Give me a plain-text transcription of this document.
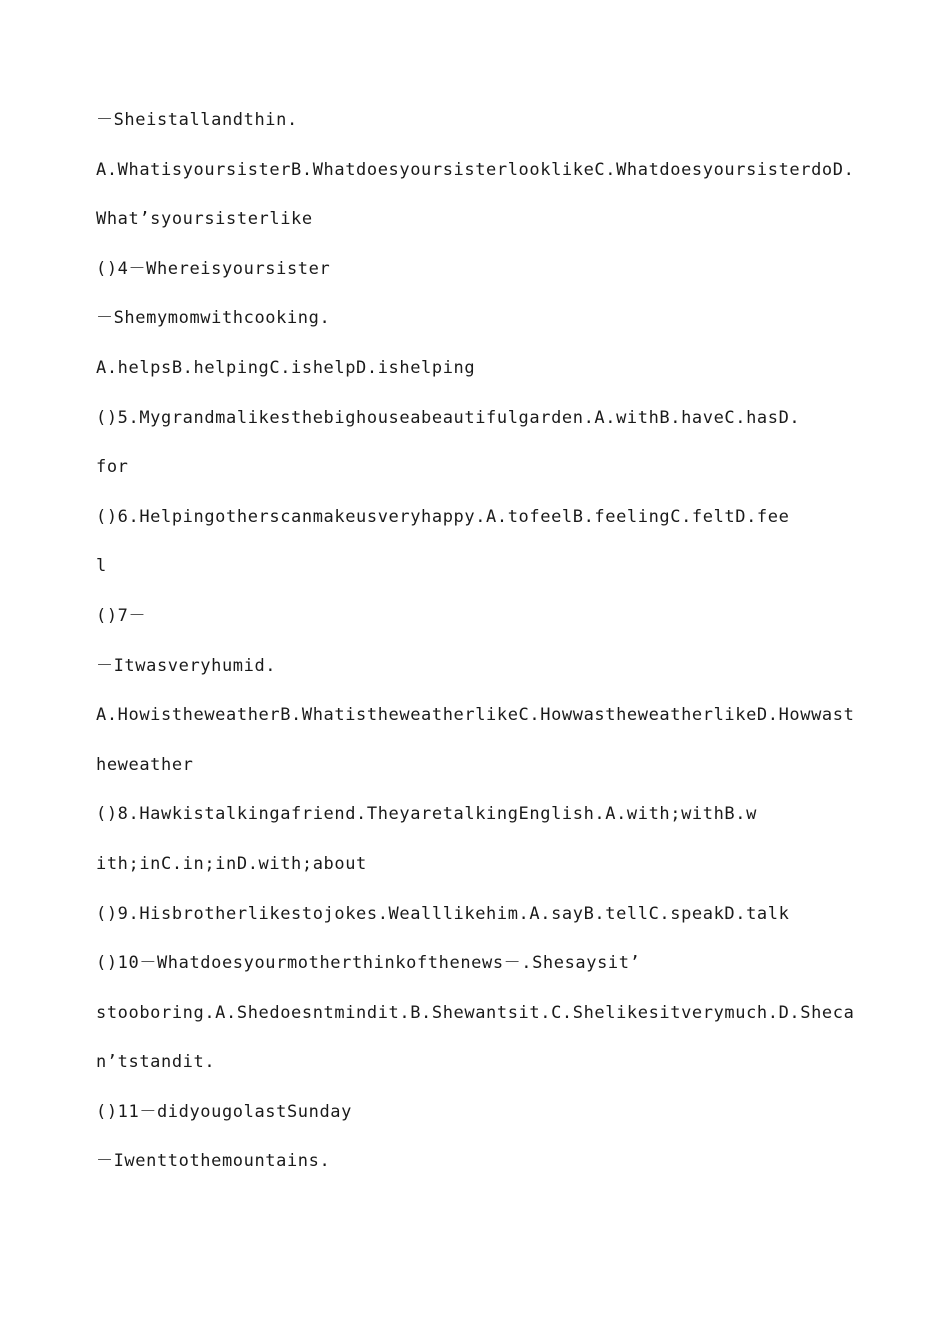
－Sheistallandthin.
A.WhatisyoursisterB.WhatdoesyoursisterlooklikeC.WhatdoesyoursisterdoD.
What’syoursisterlike
()4－Whereisyoursister
－Shemymomwithcooking.
A.helpsB.helpingC.ishelpD.ishelping
()5.Mygrandmalikesthebighouseabeautifulgarden.A.withB.haveC.hasD.
for
()6.Helpingotherscanmakeusveryhappy.A.tofeelB.feelingC.feltD.fee
l
()7－
－Itwasveryhumid.
A.HowistheweatherB.WhatistheweatherlikeC.HowwastheweatherlikeD.Howwast
heweather
()8.Hawkistalkingafriend.TheyaretalkingEnglish.A.with;withB.w
ith;inC.in;inD.with;about
()9.Hisbrotherlikestojokes.Wealllikehim.A.sayB.tellC.speakD.talk
()10－Whatdoesyourmotherthinkofthenews－.Shesaysit’
stooboring.A.Shedoesntmindit.B.Shewantsit.C.Shelikesitverymuch.D.Sheca
n’tstandit.
()11－didyougolastSunday
－Iwenttothemountains.
